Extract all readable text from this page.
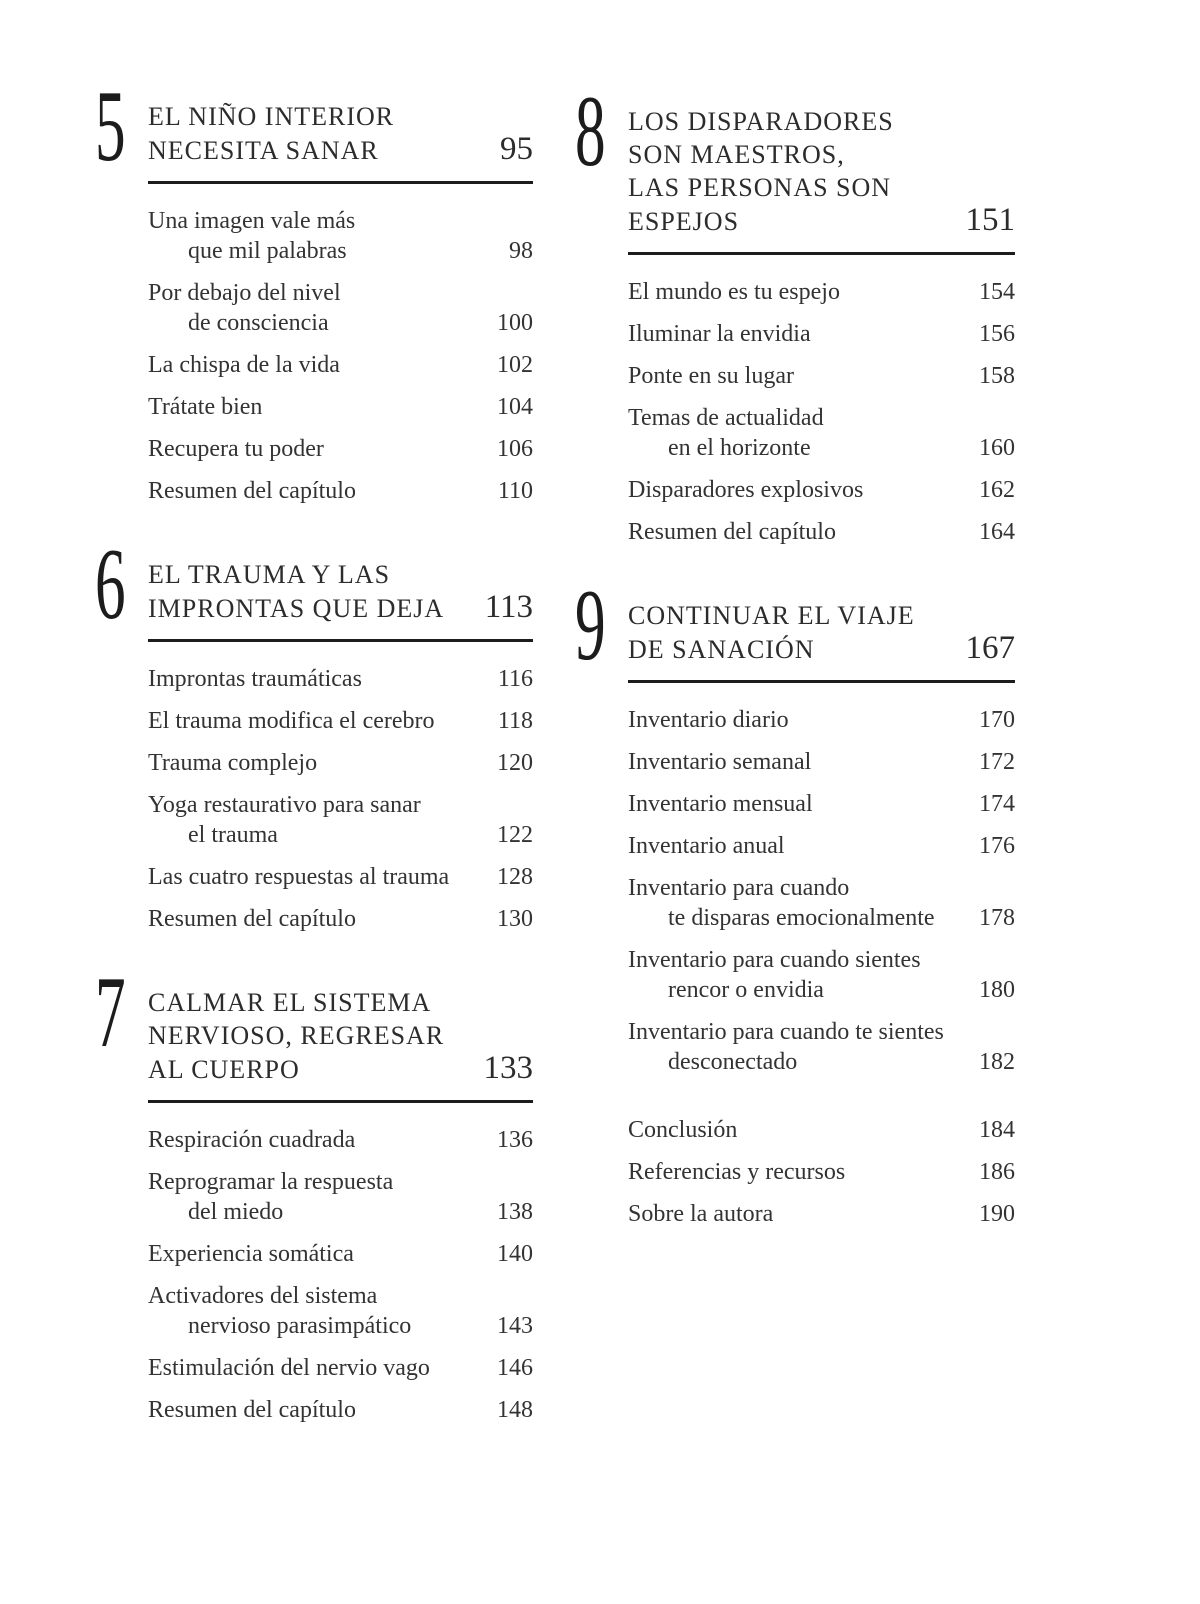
5 EL NIÑO INTERIOR
NECESITA SANAR	95
Una imagen vale más
que mil palabras	98
Por debajo del nivel
de consciencia	100
La chispa de la vida	102
Trátate bien	104
Recupera tu poder	106
Resumen del capítulo	110
6 EL TRAUMA Y LAS
IMPRONTAS QUE DEJA 113
Improntas traumáticas	116
El trauma modifica el cerebro	118
Trauma complejo	120
Yoga restaurativo para sanar
el trauma	122
Las cuatro respuestas al trauma 128
Resumen del capítulo	130
7 CALMAR EL SISTEMA
NERVIOSO, REGRESAR
AL CUERPO	133
Respiración cuadrada	136
Reprogramar la respuesta
del miedo	138
Experiencia somática	140
Activadores del sistema
nervioso parasimpático	143
Estimulación del nervio vago	146
Resumen del capítulo	148
8 LOS DISPARADORES
SON MAESTROS,
LAS PERSONAS SON
ESPEJOS	151
El mundo es tu espejo	154
Iluminar la envidia	156
Ponte en su lugar	158
Temas de actualidad
en el horizonte	160
Disparadores explosivos	162
Resumen del capítulo	164
9 CONTINUAR EL VIAJE
DE SANACIÓN	167
Inventario diario	170
Inventario semanal	172
Inventario mensual	174
Inventario anual	176
Inventario para cuando
te disparas emocionalmente 178
Inventario para cuando sientes
rencor o envidia	180
Inventario para cuando te sientes
desconectado	182
Conclusión	184
Referencias y recursos	186
Sobre la autora	190
